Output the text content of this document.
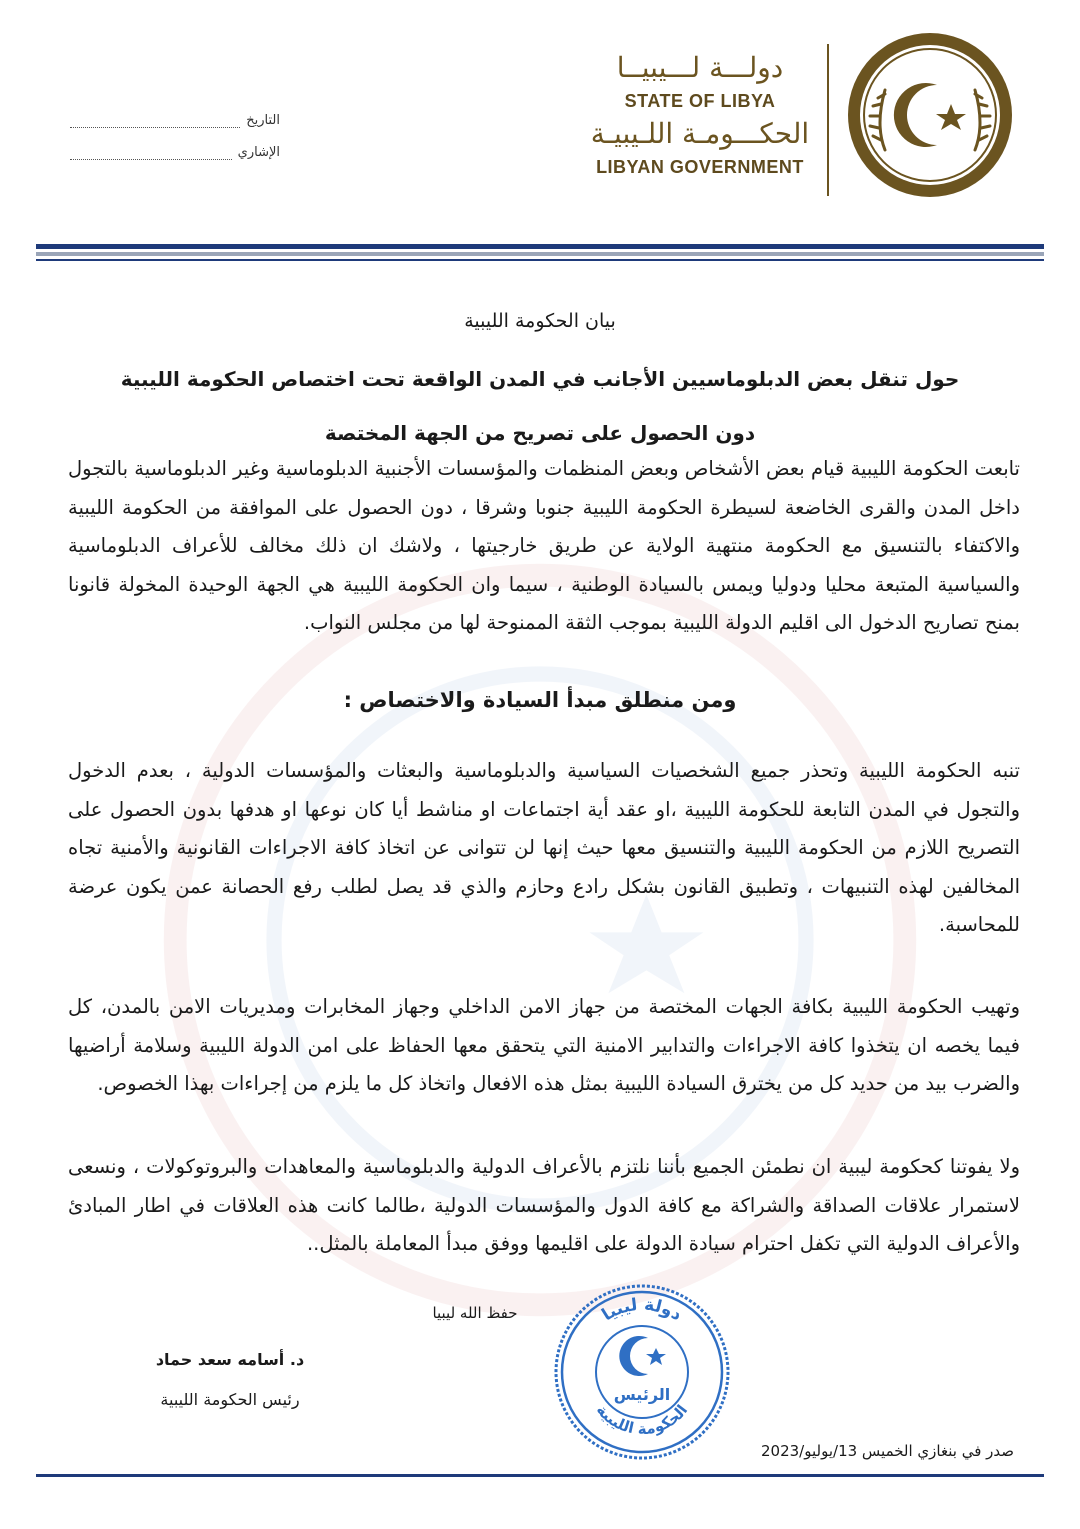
التاريخ
الإشاري
دولـــة لـــيبيــا
STATE OF LIBYA
الحكـــومـة اللـيبيـة
LIBYAN GOVERNMENT
بيان الحكومة الليبية
حول تنقل بعض الدبلوماسيين الأجانب في المدن الواقعة تحت اختصاص الحكومة الليبية
دون الحصول على تصريح من الجهة المختصة
تابعت الحكومة الليبية قيام بعض الأشخاص وبعض المنظمات والمؤسسات الأجنبية الدبلوماسية وغير الدبلوماسية بالتجول داخل المدن والقرى الخاضعة لسيطرة الحكومة الليبية جنوبا وشرقا ، دون الحصول على الموافقة من الحكومة الليبية والاكتفاء بالتنسيق مع الحكومة منتهية الولاية عن طريق خارجيتها ، ولاشك ان ذلك مخالف للأعراف الدبلوماسية والسياسية المتبعة محليا ودوليا ويمس بالسيادة الوطنية ، سيما وان الحكومة الليبية هي الجهة الوحيدة المخولة قانونا بمنح تصاريح الدخول الى اقليم الدولة الليبية بموجب الثقة الممنوحة لها من مجلس النواب.
ومن منطلق مبدأ السيادة والاختصاص :
تنبه الحكومة الليبية وتحذر جميع الشخصيات السياسية والدبلوماسية والبعثات والمؤسسات الدولية ، بعدم الدخول والتجول في المدن التابعة للحكومة الليبية ،او عقد أية اجتماعات او مناشط أيا كان نوعها او هدفها بدون الحصول على التصريح اللازم من الحكومة الليبية والتنسيق معها حيث إنها لن تتوانى عن اتخاذ كافة الاجراءات القانونية والأمنية تجاه المخالفين لهذه التنبيهات ، وتطبيق القانون بشكل رادع وحازم والذي قد يصل لطلب رفع الحصانة عمن يكون عرضة للمحاسبة.
وتهيب الحكومة الليبية بكافة الجهات المختصة من جهاز الامن الداخلي وجهاز المخابرات ومديريات الامن بالمدن، كل فيما يخصه ان يتخذوا كافة الاجراءات والتدابير الامنية التي يتحقق معها الحفاظ على امن الدولة الليبية وسلامة أراضيها والضرب بيد من حديد كل من يخترق السيادة الليبية بمثل هذه الافعال واتخاذ كل ما يلزم من إجراءات بهذا الخصوص.
ولا يفوتنا كحكومة ليبية ان نطمئن الجميع بأننا نلتزم بالأعراف الدولية والدبلوماسية والمعاهدات والبروتوكولات ، ونسعى لاستمرار علاقات الصداقة والشراكة مع كافة الدول والمؤسسات الدولية ،طالما كانت هذه العلاقات في اطار المبادئ والأعراف الدولية التي تكفل احترام سيادة الدولة على اقليمها ووفق مبدأ المعاملة بالمثل..
حفظ الله ليبيا
د. أسامه سعد حماد
رئيس الحكومة الليبية
دولة ليبيا
الحكومة الليبية
الرئيس
صدر في بنغازي الخميس 13/يوليو/2023
